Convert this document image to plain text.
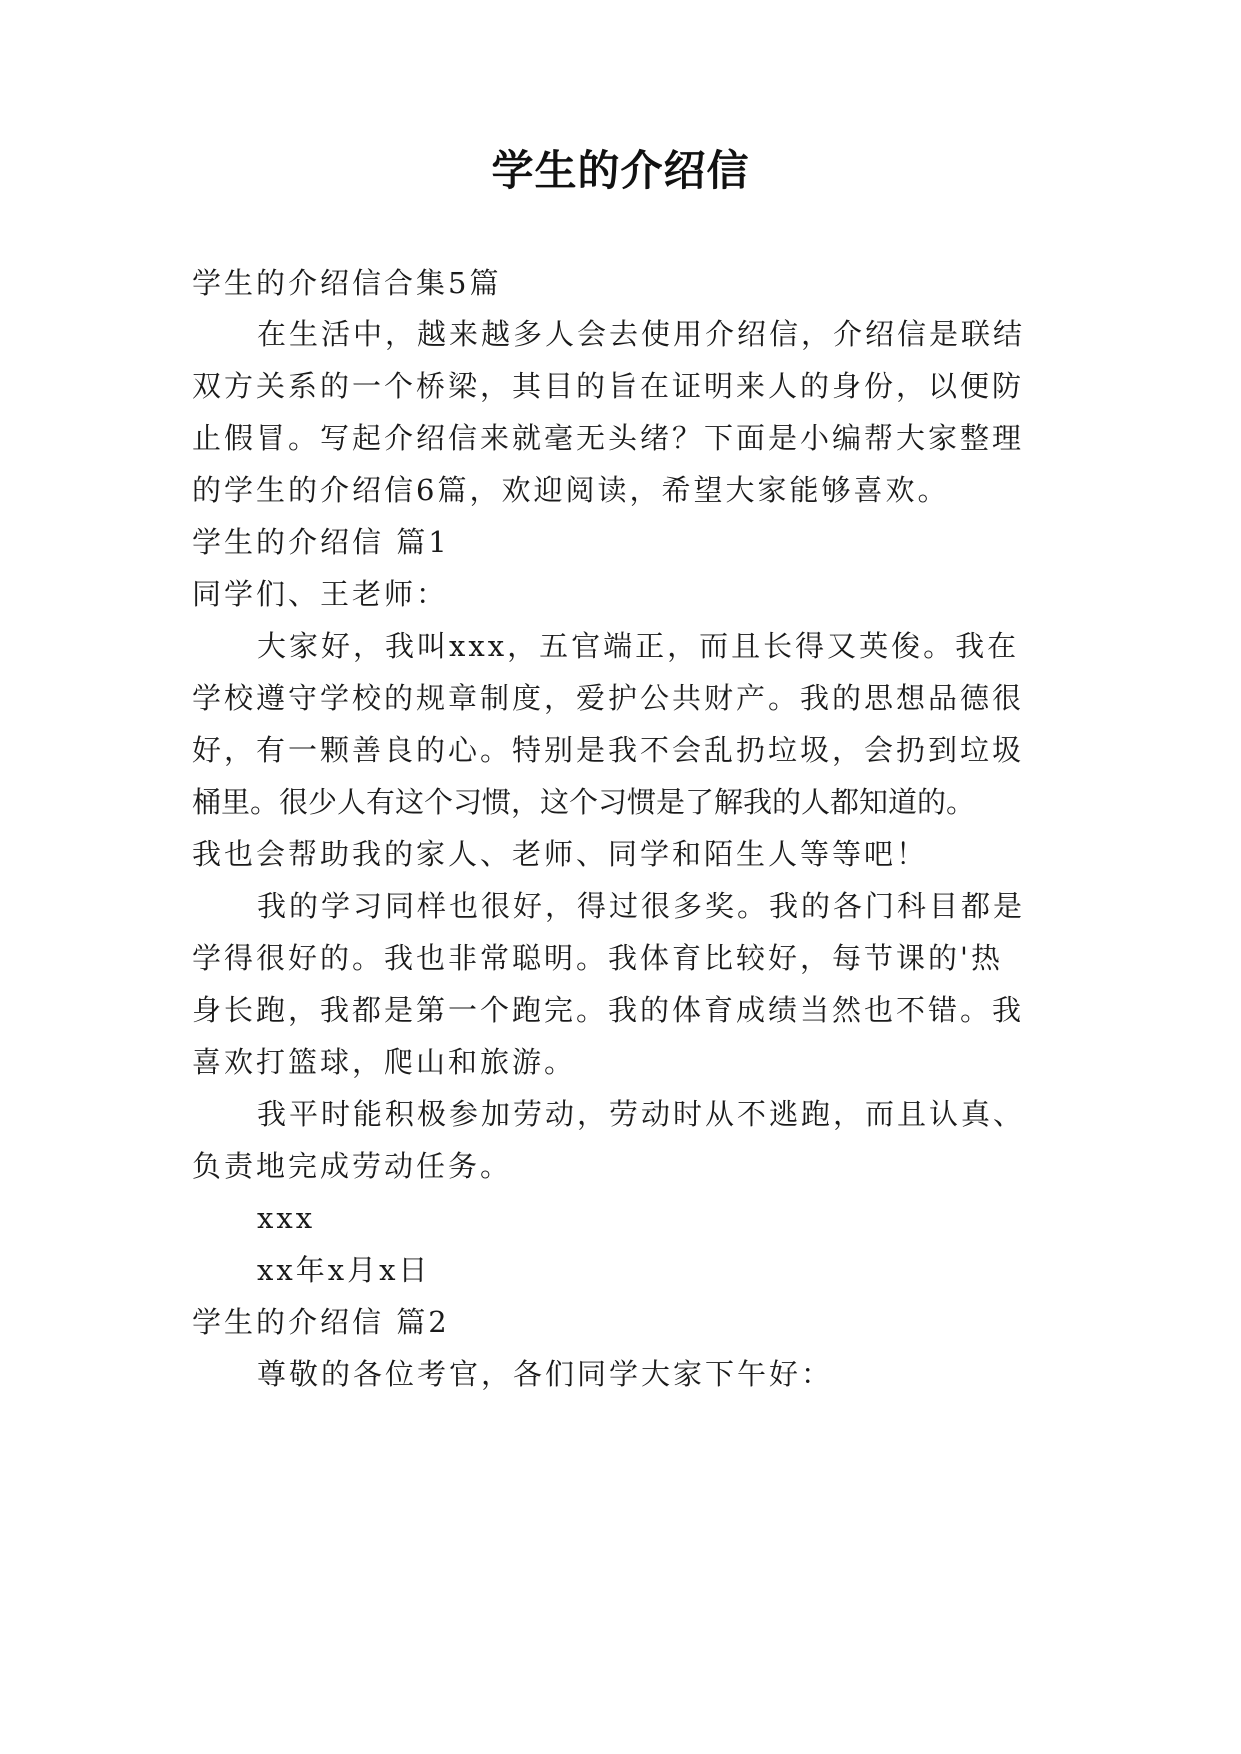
学生的介绍信
学生的介绍信合集5篇
在生活中，越来越多人会去使用介绍信，介绍信是联结
双方关系的一个桥梁，其目的旨在证明来人的身份，以便防
止假冒。写起介绍信来就毫无头绪？下面是小编帮大家整理
的学生的介绍信6篇，欢迎阅读，希望大家能够喜欢。
学生的介绍信 篇1
同学们、王老师：
大家好，我叫xxx，五官端正，而且长得又英俊。我在
学校遵守学校的规章制度，爱护公共财产。我的思想品德很
好，有一颗善良的心。特别是我不会乱扔垃圾，会扔到垃圾
桶里。很少人有这个习惯，这个习惯是了解我的人都知道的。
我也会帮助我的家人、老师、同学和陌生人等等吧！
我的学习同样也很好，得过很多奖。我的各门科目都是
学得很好的。我也非常聪明。我体育比较好，每节课的'热
身长跑，我都是第一个跑完。我的体育成绩当然也不错。我
喜欢打篮球，爬山和旅游。
我平时能积极参加劳动，劳动时从不逃跑，而且认真、
负责地完成劳动任务。
xxx
xx年x月x日
学生的介绍信 篇2
尊敬的各位考官，各们同学大家下午好：
